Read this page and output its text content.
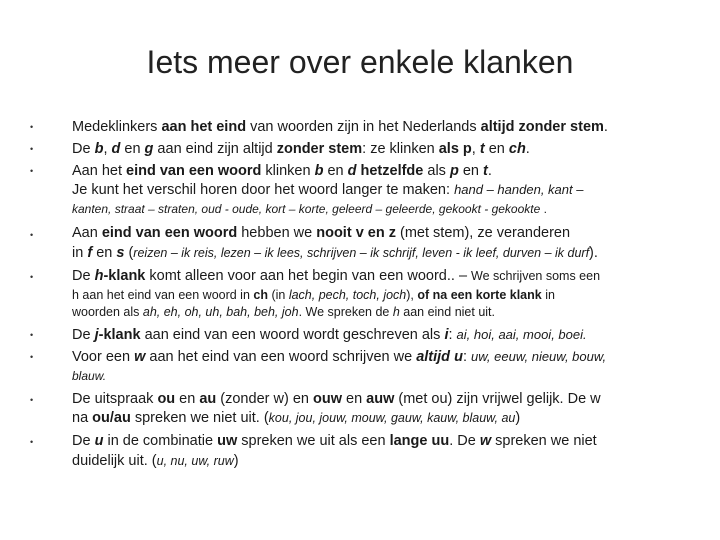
Iets meer over enkele klanken
•	Medeklinkers aan het eind van woorden zijn in het Nederlands altijd zonder stem.
•	De b, d en g aan eind zijn altijd zonder stem: ze klinken als p, t en ch.
•	Aan het eind van een woord klinken b en d hetzelfde als p en t.
Je kunt het verschil horen door het woord langer te maken: hand – handen, kant –
kanten, straat – straten, oud - oude, kort – korte, geleerd – geleerde, gekookt - gekookte .
•	Aan eind van een woord hebben we nooit v en z (met stem), ze veranderen
in f en s (reizen – ik reis, lezen – ik lees, schrijven – ik schrijf, leven - ik leef, durven – ik durf).
•	De h-klank komt alleen voor aan het begin van een woord.. – We schrijven soms een
h aan het eind van een woord in ch (in lach, pech, toch, joch), of na een korte klank in
woorden als ah, eh, oh, uh, bah, beh, joh. We spreken de h aan eind niet uit.
•	De j-klank aan eind van een woord wordt geschreven als i: ai, hoi, aai, mooi, boei.
•	Voor een w aan het eind van een woord schrijven we altijd u: uw, eeuw, nieuw, bouw,
blauw.
•	De uitspraak ou en au (zonder w) en ouw en auw (met ou) zijn vrijwel gelijk. De w
na ou/au spreken we niet uit. (kou, jou, jouw, mouw, gauw, kauw, blauw, au)
•	De u in de combinatie uw spreken we uit als een lange uu. De w spreken we niet
duidelijk uit. (u, nu, uw, ruw)
